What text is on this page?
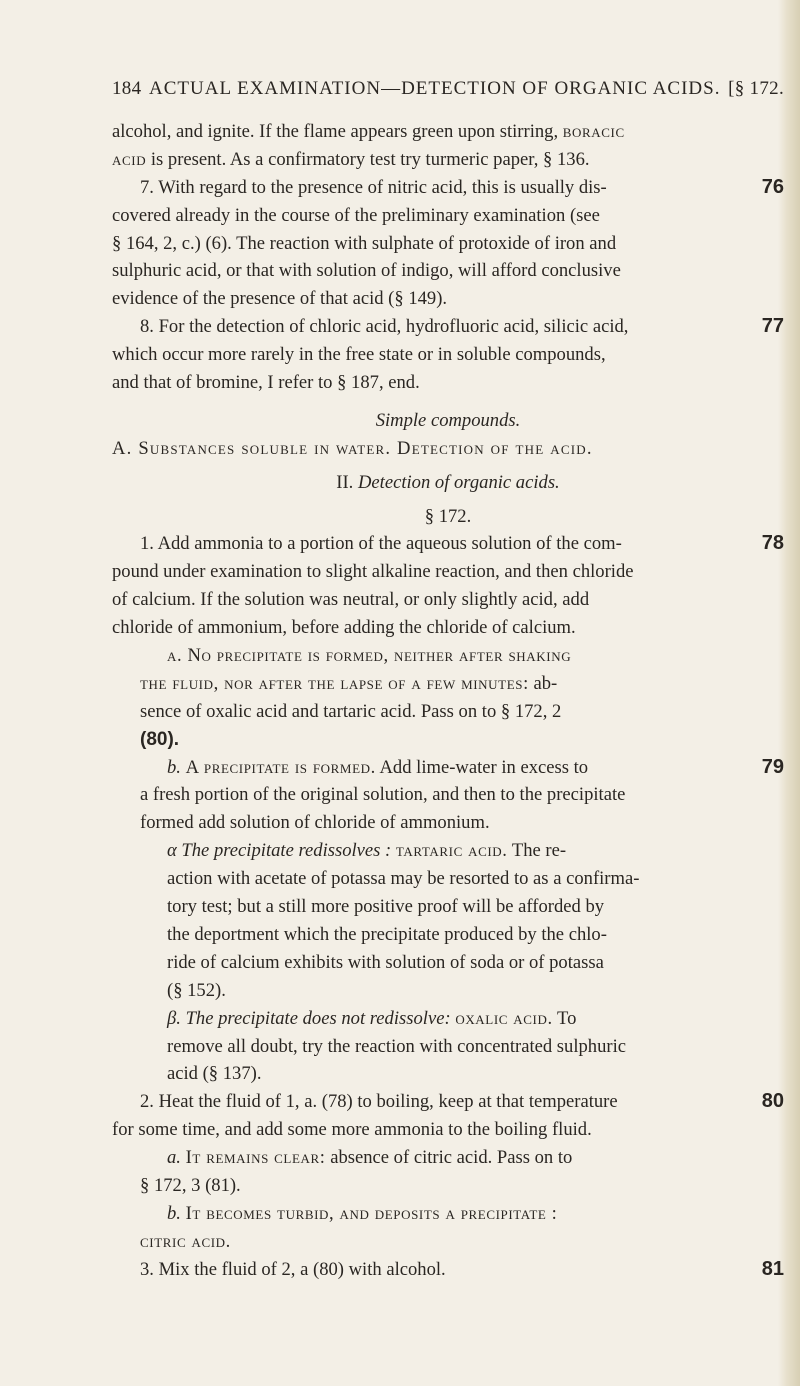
184 ACTUAL EXAMINATION—DETECTION OF ORGANIC ACIDS. [§ 172.
alcohol, and ignite. If the flame appears green upon stirring, boracic
acid is present. As a confirmatory test try turmeric paper, § 136.
7. With regard to the presence of nitric acid, this is usually dis-	76
covered already in the course of the preliminary examination (see
§ 164, 2, c.) (6). The reaction with sulphate of protoxide of iron and
sulphuric acid, or that with solution of indigo, will afford conclusive
evidence of the presence of that acid (§ 149).
8. For the detection of chloric acid, hydrofluoric acid, silicic acid,	77
which occur more rarely in the free state or in soluble compounds,
and that of bromine, I refer to § 187, end.
Simple compounds.
A. Substances soluble in water. Detection of the acid.
II. Detection of organic acids.
§ 172.
1. Add ammonia to a portion of the aqueous solution of the com-	78
pound under examination to slight alkaline reaction, and then chloride
of calcium. If the solution was neutral, or only slightly acid, add
chloride of ammonium, before adding the chloride of calcium.
a. No precipitate is formed, neither after shaking
the fluid, nor after the lapse of a few minutes: ab-
sence of oxalic acid and tartaric acid. Pass on to § 172, 2
(80).
b. A precipitate is formed. Add lime-water in excess to	79
a fresh portion of the original solution, and then to the precipitate
formed add solution of chloride of ammonium.
α The precipitate redissolves : tartaric acid. The re-
action with acetate of potassa may be resorted to as a confirma-
tory test; but a still more positive proof will be afforded by
the deportment which the precipitate produced by the chlo-
ride of calcium exhibits with solution of soda or of potassa
(§ 152).
β. The precipitate does not redissolve: oxalic acid. To
remove all doubt, try the reaction with concentrated sulphuric
acid (§ 137).
2. Heat the fluid of 1, a. (78) to boiling, keep at that temperature	80
for some time, and add some more ammonia to the boiling fluid.
a. It remains clear: absence of citric acid. Pass on to
§ 172, 3 (81).
b. It becomes turbid, and deposits a precipitate :
citric acid.
3. Mix the fluid of 2, a (80) with alcohol.	81
